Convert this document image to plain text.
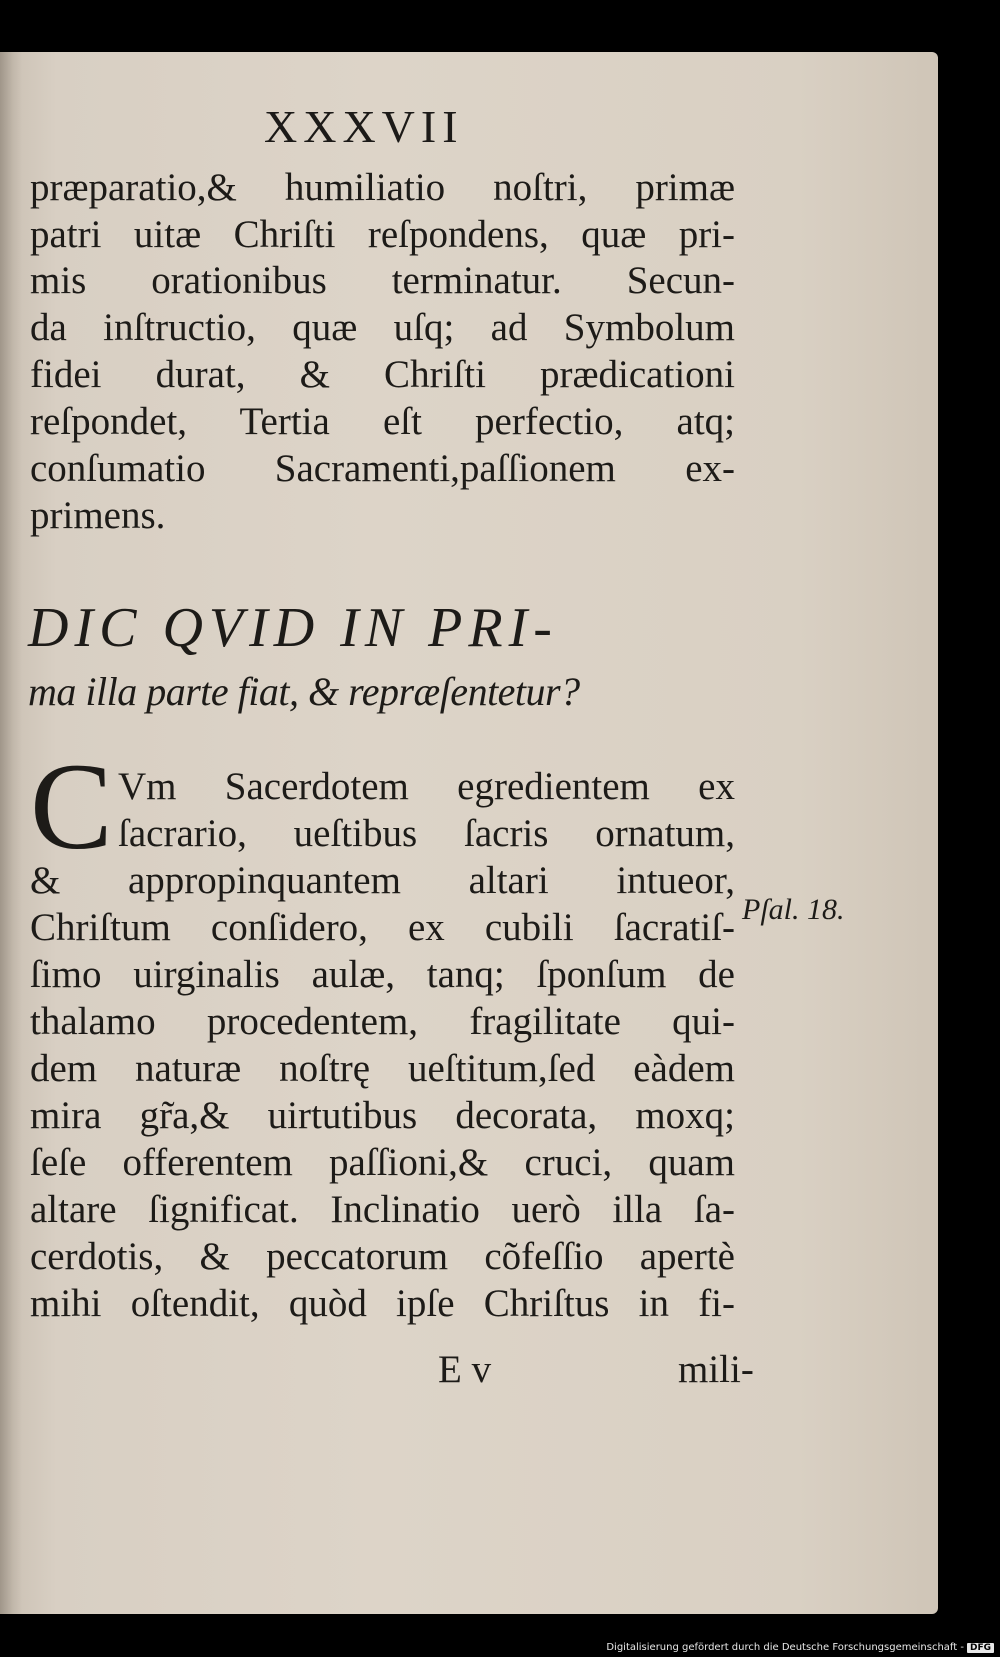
XXXVII
præparatio,& humiliatio noſtri, primæ
patri uitæ Chriſti reſpondens, quæ pri-
mis orationibus terminatur. Secun-
da inſtructio, quæ uſq; ad Symbolum
fidei durat, & Chriſti prædicationi
reſpondet, Tertia eſt perfectio, atq;
conſumatio Sacramenti,paſſionem ex-
primens.
DIC QVID IN PRI-
ma illa parte fiat, & repræſentetur?
C Vm Sacerdotem egredientem ex
ſacrario, ueſtibus ſacris ornatum,
& appropinquantem altari intueor,
Chriſtum conſidero, ex cubili ſacratiſ-
ſimo uirginalis aulæ, tanq; ſponſum de
thalamo procedentem, fragilitate qui-
dem naturæ noſtrę ueſtitum,ſed eàdem
mira gr̃a,& uirtutibus decorata, moxq;
ſeſe offerentem paſſioni,& cruci, quam
altare ſignificat. Inclinatio uerò illa ſa-
cerdotis, & peccatorum cõfeſſio apertè
mihi oſtendit, quòd ipſe Chriſtus in fi-
Pſal. 18.
E v	mili-
Digitalisierung gefördert durch die Deutsche Forschungsgemeinschaft - DFG
